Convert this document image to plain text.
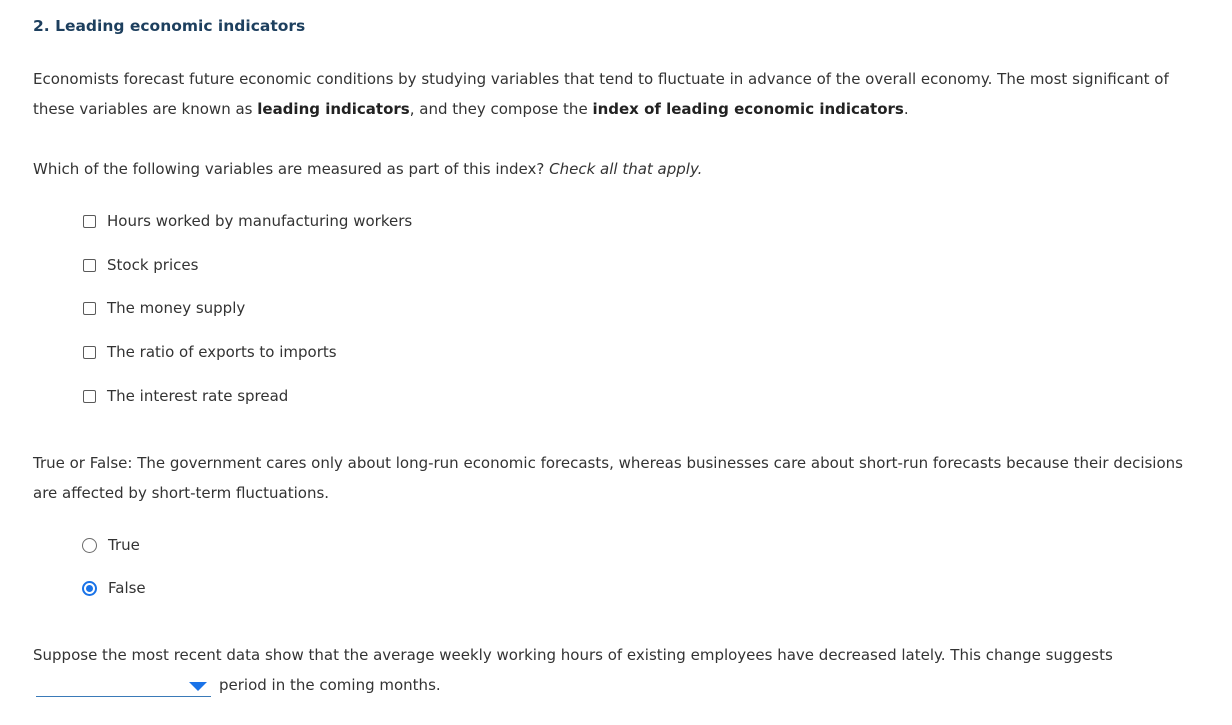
2. Leading economic indicators
Economists forecast future economic conditions by studying variables that tend to fluctuate in advance of the overall economy. The most significant of these variables are known as leading indicators, and they compose the index of leading economic indicators.
Which of the following variables are measured as part of this index? Check all that apply.
Hours worked by manufacturing workers
Stock prices
The money supply
The ratio of exports to imports
The interest rate spread
True or False: The government cares only about long-run economic forecasts, whereas businesses care about short-run forecasts because their decisions are affected by short-term fluctuations.
True
False
Suppose the most recent data show that the average weekly working hours of existing employees have decreased lately. This change suggests
period in the coming months.
